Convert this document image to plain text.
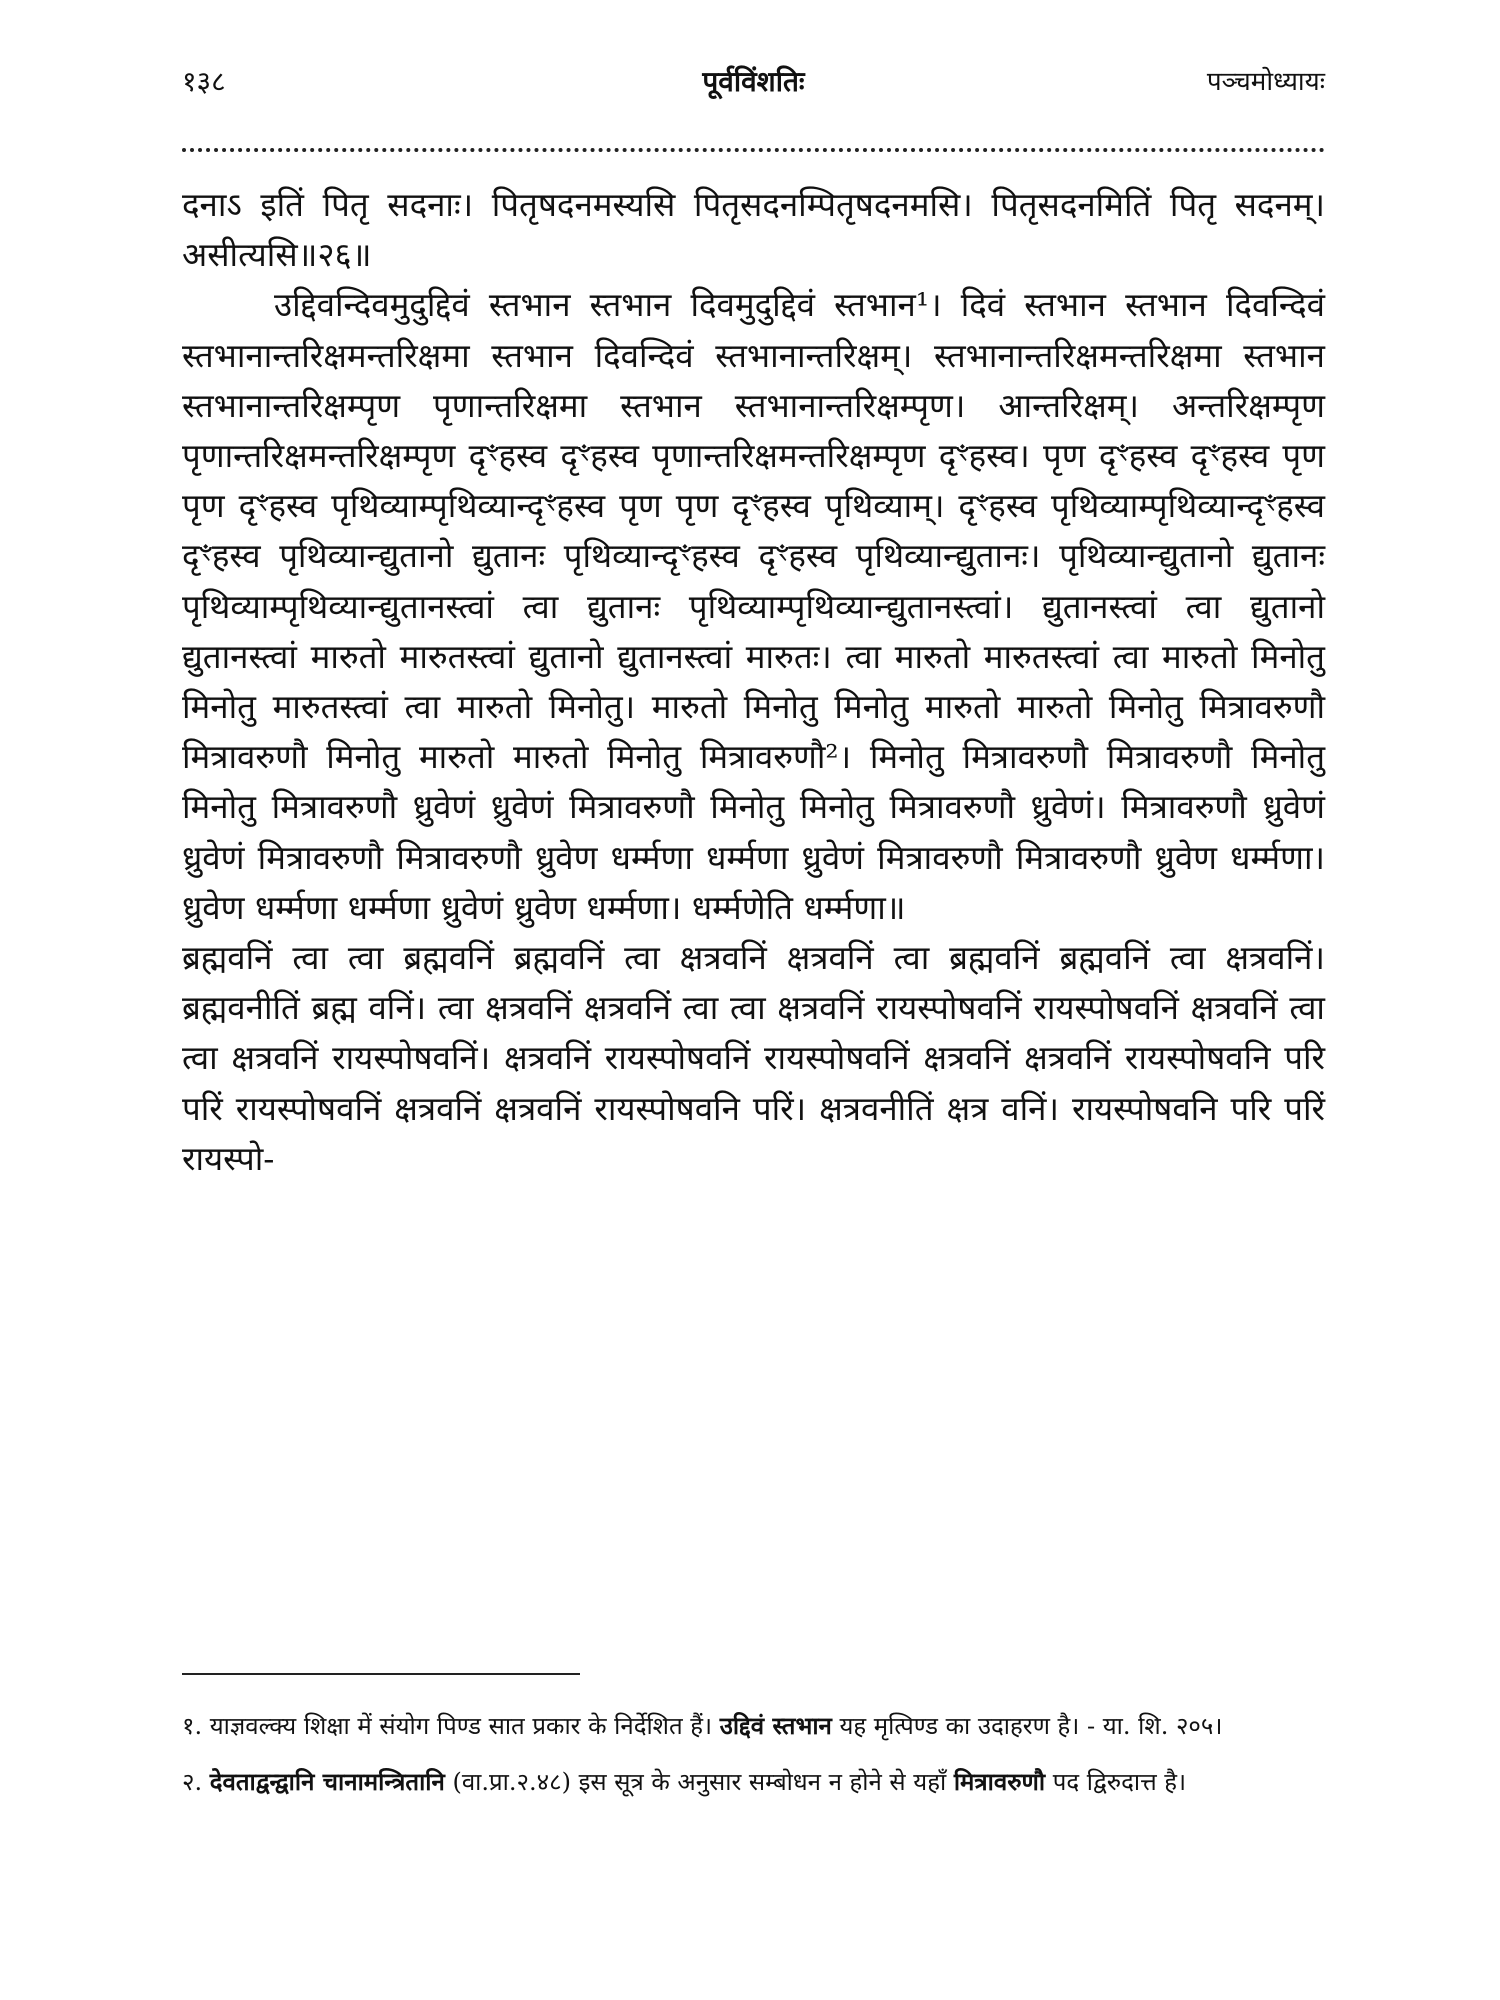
१३८	पूर्वविंशतिः	पञ्चमोध्यायः

दनाऽ इतिं पितृ सदनाः। पितृषदनमस्यसि पितृसदनम्पितृषदनमसि। पितृसदनमितिं पितृ सदनम्। असीत्यसि॥२६॥

उद्दिवन्दिवमुदुद्दिवं स्तभान स्तभान दिवमुदुद्दिवं स्तभान¹। दिवं स्तभान स्तभान दिवन्दिवं स्तभानान्तरिक्षमन्तरिक्षमा स्तभान दिवन्दिवं स्तभानान्तरिक्षम्। स्तभानान्तरिक्षमन्तरिक्षमा स्तभान स्तभानान्तरिक्षम्पृण पृणान्तरिक्षमा स्तभान स्तभानान्तरिक्षम्पृण। आन्तरिक्षम्। अन्तरिक्षम्पृण पृणान्तरिक्षमन्तरिक्षम्पृण दृꣳहस्व दृꣳहस्व पृणान्तरिक्षमन्तरिक्षम्पृण दृꣳहस्व। पृण दृꣳहस्व दृꣳहस्व पृण पृण दृꣳहस्व पृथिव्याम्पृथिव्यान्दृꣳहस्व पृण पृण दृꣳहस्व पृथिव्याम्। दृꣳहस्व पृथिव्याम्पृथिव्यान्दृꣳहस्व दृꣳहस्व पृथिव्यान्द्युतानो द्युतानः पृथिव्यान्दृꣳहस्व दृꣳहस्व पृथिव्यान्द्युतानः। पृथिव्यान्द्युतानो द्युतानः पृथिव्याम्पृथिव्यान्द्युतानस्त्वां त्वा द्युतानः पृथिव्याम्पृथिव्यान्द्युतानस्त्वां। द्युतानस्त्वां त्वा द्युतानो द्युतानस्त्वां मारुतो मारुतस्त्वां द्युतानो द्युतानस्त्वां मारुतः। त्वा मारुतो मारुतस्त्वां त्वा मारुतो मिनोतु मिनोतु मारुतस्त्वां त्वा मारुतो मिनोतु। मारुतो मिनोतु मिनोतु मारुतो मारुतो मिनोतु मित्रावरुणौ मित्रावरुणौ मिनोतु मारुतो मारुतो मिनोतु मित्रावरुणौ²। मिनोतु मित्रावरुणौ मित्रावरुणौ मिनोतु मिनोतु मित्रावरुणौ ध्रुवेणं ध्रुवेणं मित्रावरुणौ मिनोतु मिनोतु मित्रावरुणौ ध्रुवेणं। मित्रावरुणौ ध्रुवेणं ध्रुवेणं मित्रावरुणौ मित्रावरुणौ ध्रुवेण धर्म्मणा धर्म्मणा ध्रुवेणं मित्रावरुणौ मित्रावरुणौ ध्रुवेण धर्म्मणा। ध्रुवेण धर्म्मणा धर्म्मणा ध्रुवेणं ध्रुवेण धर्म्मणा। धर्म्मणेति धर्म्मणा॥

ब्रह्मवनिं त्वा त्वा ब्रह्मवनिं ब्रह्मवनिं त्वा क्षत्रवनिं क्षत्रवनिं त्वा ब्रह्मवनिं ब्रह्मवनिं त्वा क्षत्रवनिं। ब्रह्मवनीतिं ब्रह्म वनिं। त्वा क्षत्रवनिं क्षत्रवनिं त्वा त्वा क्षत्रवनिं रायस्पोषवनिं रायस्पोषवनिं क्षत्रवनिं त्वा त्वा क्षत्रवनिं रायस्पोषवनिं। क्षत्रवनिं रायस्पोषवनिं रायस्पोषवनिं क्षत्रवनिं क्षत्रवनिं रायस्पोषवनि परि परिं रायस्पोषवनिं क्षत्रवनिं क्षत्रवनिं रायस्पोषवनि परिं। क्षत्रवनीतिं क्षत्र वनिं। रायस्पोषवनि परि परिं रायस्पो-

१. याज्ञवल्क्य शिक्षा में संयोग पिण्ड सात प्रकार के निर्देशित हैं। उद्दिवं स्तभान यह मृत्पिण्ड का उदाहरण है। - या. शि. २०५।

२. देवताद्वन्द्वानि चानामन्त्रितानि (वा.प्रा.२.४८) इस सूत्र के अनुसार सम्बोधन न होने से यहाँ मित्रावरुणौ पद द्विरुदात्त है।
